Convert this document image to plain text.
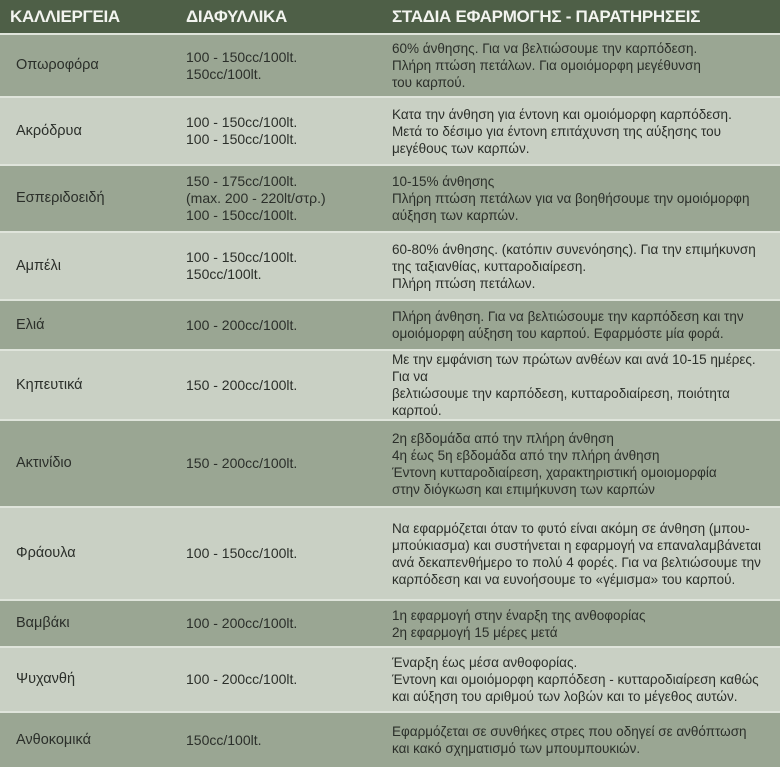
ΚΑΛΛΙΕΡΓΕΙΑ	ΔΙΑΦΥΛΛΙΚΑ	ΣΤΑΔΙΑ ΕΦΑΡΜΟΓΗΣ - ΠΑΡΑΤΗΡΗΣΕΙΣ
Οπωροφόρα	
100 - 150cc/100lt.
150cc/100lt.

60% άνθησης. Για να βελτιώσουμε την καρπόδεση.
Πλήρη πτώση πετάλων. Για ομοιόμορφη μεγέθυνση
του καρπού.

Ακρόδρυα	
100 - 150cc/100lt.
100 - 150cc/100lt.

Κατα την άνθηση για έντονη και ομοιόμορφη καρπόδεση.
Μετά το δέσιμο για έντονη επιτάχυνση της αύξησης του
μεγέθους των καρπών.

Εσπεριδοειδή	
150 - 175cc/100lt.
(max. 200 - 220lt/στρ.)
100 - 150cc/100lt.

10-15% άνθησης
Πλήρη πτώση πετάλων για να βοηθήσουμε την ομοιόμορφη
αύξηση των καρπών.

Αμπέλι	
100 - 150cc/100lt.
150cc/100lt.

60-80% άνθησης. (κατόπιν συνενόησης). Για την επιμήκυνση
της ταξιανθίας, κυτταροδιαίρεση.
Πλήρη πτώση πετάλων.

Ελιά	100 - 200cc/100lt.	Πλήρη άνθηση. Για να βελτιώσουμε την καρπόδεση και την
ομοιόμορφη αύξηση του καρπού. Εφαρμόστε μία φορά.

Κηπευτικά	150 - 200cc/100lt.

Με την εμφάνιση των πρώτων ανθέων και ανά 10-15 ημέρες. Για να
βελτιώσουμε την καρπόδεση, κυτταροδιαίρεση, ποιότητα καρπού.

Ακτινίδιο	150 - 200cc/100lt.

2η εβδομάδα από την πλήρη άνθηση
4η έως 5η εβδομάδα από την πλήρη άνθηση
Έντονη κυτταροδιαίρεση, χαρακτηριστική ομοιομορφία
στην διόγκωση και επιμήκυνση των καρπών

Φράουλα	100 - 150cc/100lt.

Να εφαρμόζεται όταν το φυτό είναι ακόμη σε άνθηση (μπου-
μπούκιασμα) και συστήνεται η εφαρμογή να επαναλαμβάνεται
ανά δεκαπενθήμερο το πολύ 4 φορές. Για να βελτιώσουμε την
καρπόδεση και να ευνοήσουμε το «γέμισμα» του καρπού.

Βαμβάκι	100 - 200cc/100lt.	1η εφαρμογή στην έναρξη της ανθοφορίας
2η εφαρμογή 15 μέρες μετά

Ψυχανθή	100 - 200cc/100lt.

Έναρξη έως μέσα ανθοφορίας.
Έντονη και ομοιόμορφη καρπόδεση - κυτταροδιαίρεση καθώς
και αύξηση του αριθμού των λοβών και το μέγεθος αυτών.

Ανθοκομικά	150cc/100lt.	Εφαρμόζεται σε συνθήκες στρες που οδηγεί σε ανθόπτωση
και κακό σχηματισμό των μπουμπουκιών.
